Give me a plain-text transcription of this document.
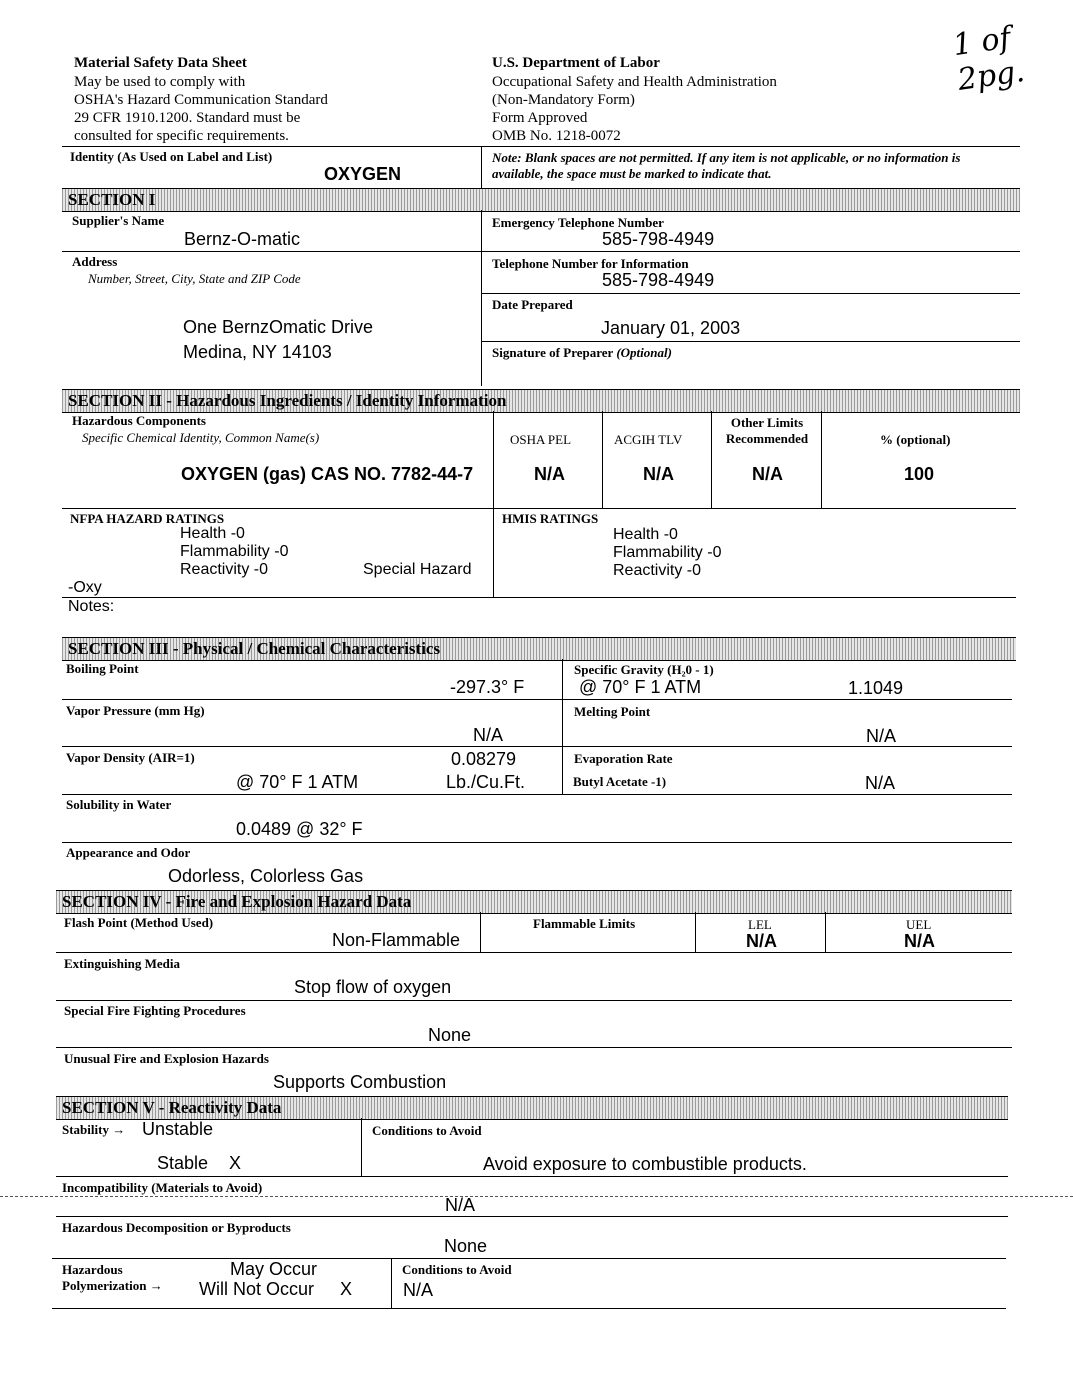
1 of 2pg.
Material Safety Data Sheet
May be used to comply with
OSHA's Hazard Communication Standard
29 CFR 1910.1200. Standard must be
consulted for specific requirements.
U.S. Department of Labor
Occupational Safety and Health Administration
(Non-Mandatory Form)
Form Approved
OMB No. 1218-0072
Identity (As Used on Label and List)
OXYGEN
Note: Blank spaces are not permitted. If any item is not applicable, or no information is available, the space must be marked to indicate that.
SECTION I
Supplier's Name
Bernz-O-matic
Emergency Telephone Number
585-798-4949
Address
Number, Street, City, State and ZIP Code
One BernzOmatic Drive
Medina, NY 14103
Telephone Number for Information
585-798-4949
Date Prepared
January 01, 2003
Signature of Preparer (Optional)
SECTION II - Hazardous Ingredients / Identity Information
Hazardous Components
Specific Chemical Identity, Common Name(s)	OSHA PEL	ACGIH TLV
Other Limits Recommended	% (optional)
OXYGEN (gas) CAS NO. 7782-44-7	N/A	N/A	N/A	100
NFPA HAZARD RATINGS
Health -0
Flammability -0
Reactivity -0	Special Hazard
-Oxy
Notes:
HMIS RATINGS
Health -0
Flammability -0
Reactivity -0
SECTION III - Physical / Chemical Characteristics
Boiling Point
-297.3° F
Specific Gravity (H₂0 - 1)
@ 70° F 1 ATM	1.1049
Vapor Pressure (mm Hg)
N/A
Melting Point
N/A
Vapor Density (AIR=1)	0.08279
@ 70° F 1 ATM	Lb./Cu.Ft.
Evaporation Rate
Butyl Acetate -1)	N/A
Solubility in Water
0.0489 @ 32° F
Appearance and Odor
Odorless, Colorless Gas
SECTION IV - Fire and Explosion Hazard Data
Flash Point (Method Used)
Non-Flammable
Flammable Limits	LEL
N/A
UEL
N/A
Extinguishing Media
Stop flow of oxygen
Special Fire Fighting Procedures
None
Unusual Fire and Explosion Hazards
Supports Combustion
SECTION V - Reactivity Data
Stability → Unstable
Stable X
Conditions to Avoid
Avoid exposure to combustible products.
Incompatibility (Materials to Avoid)
N/A
Hazardous Decomposition or Byproducts
None
Hazardous
Polymerization →
May Occur
Will Not Occur X
Conditions to Avoid
N/A
